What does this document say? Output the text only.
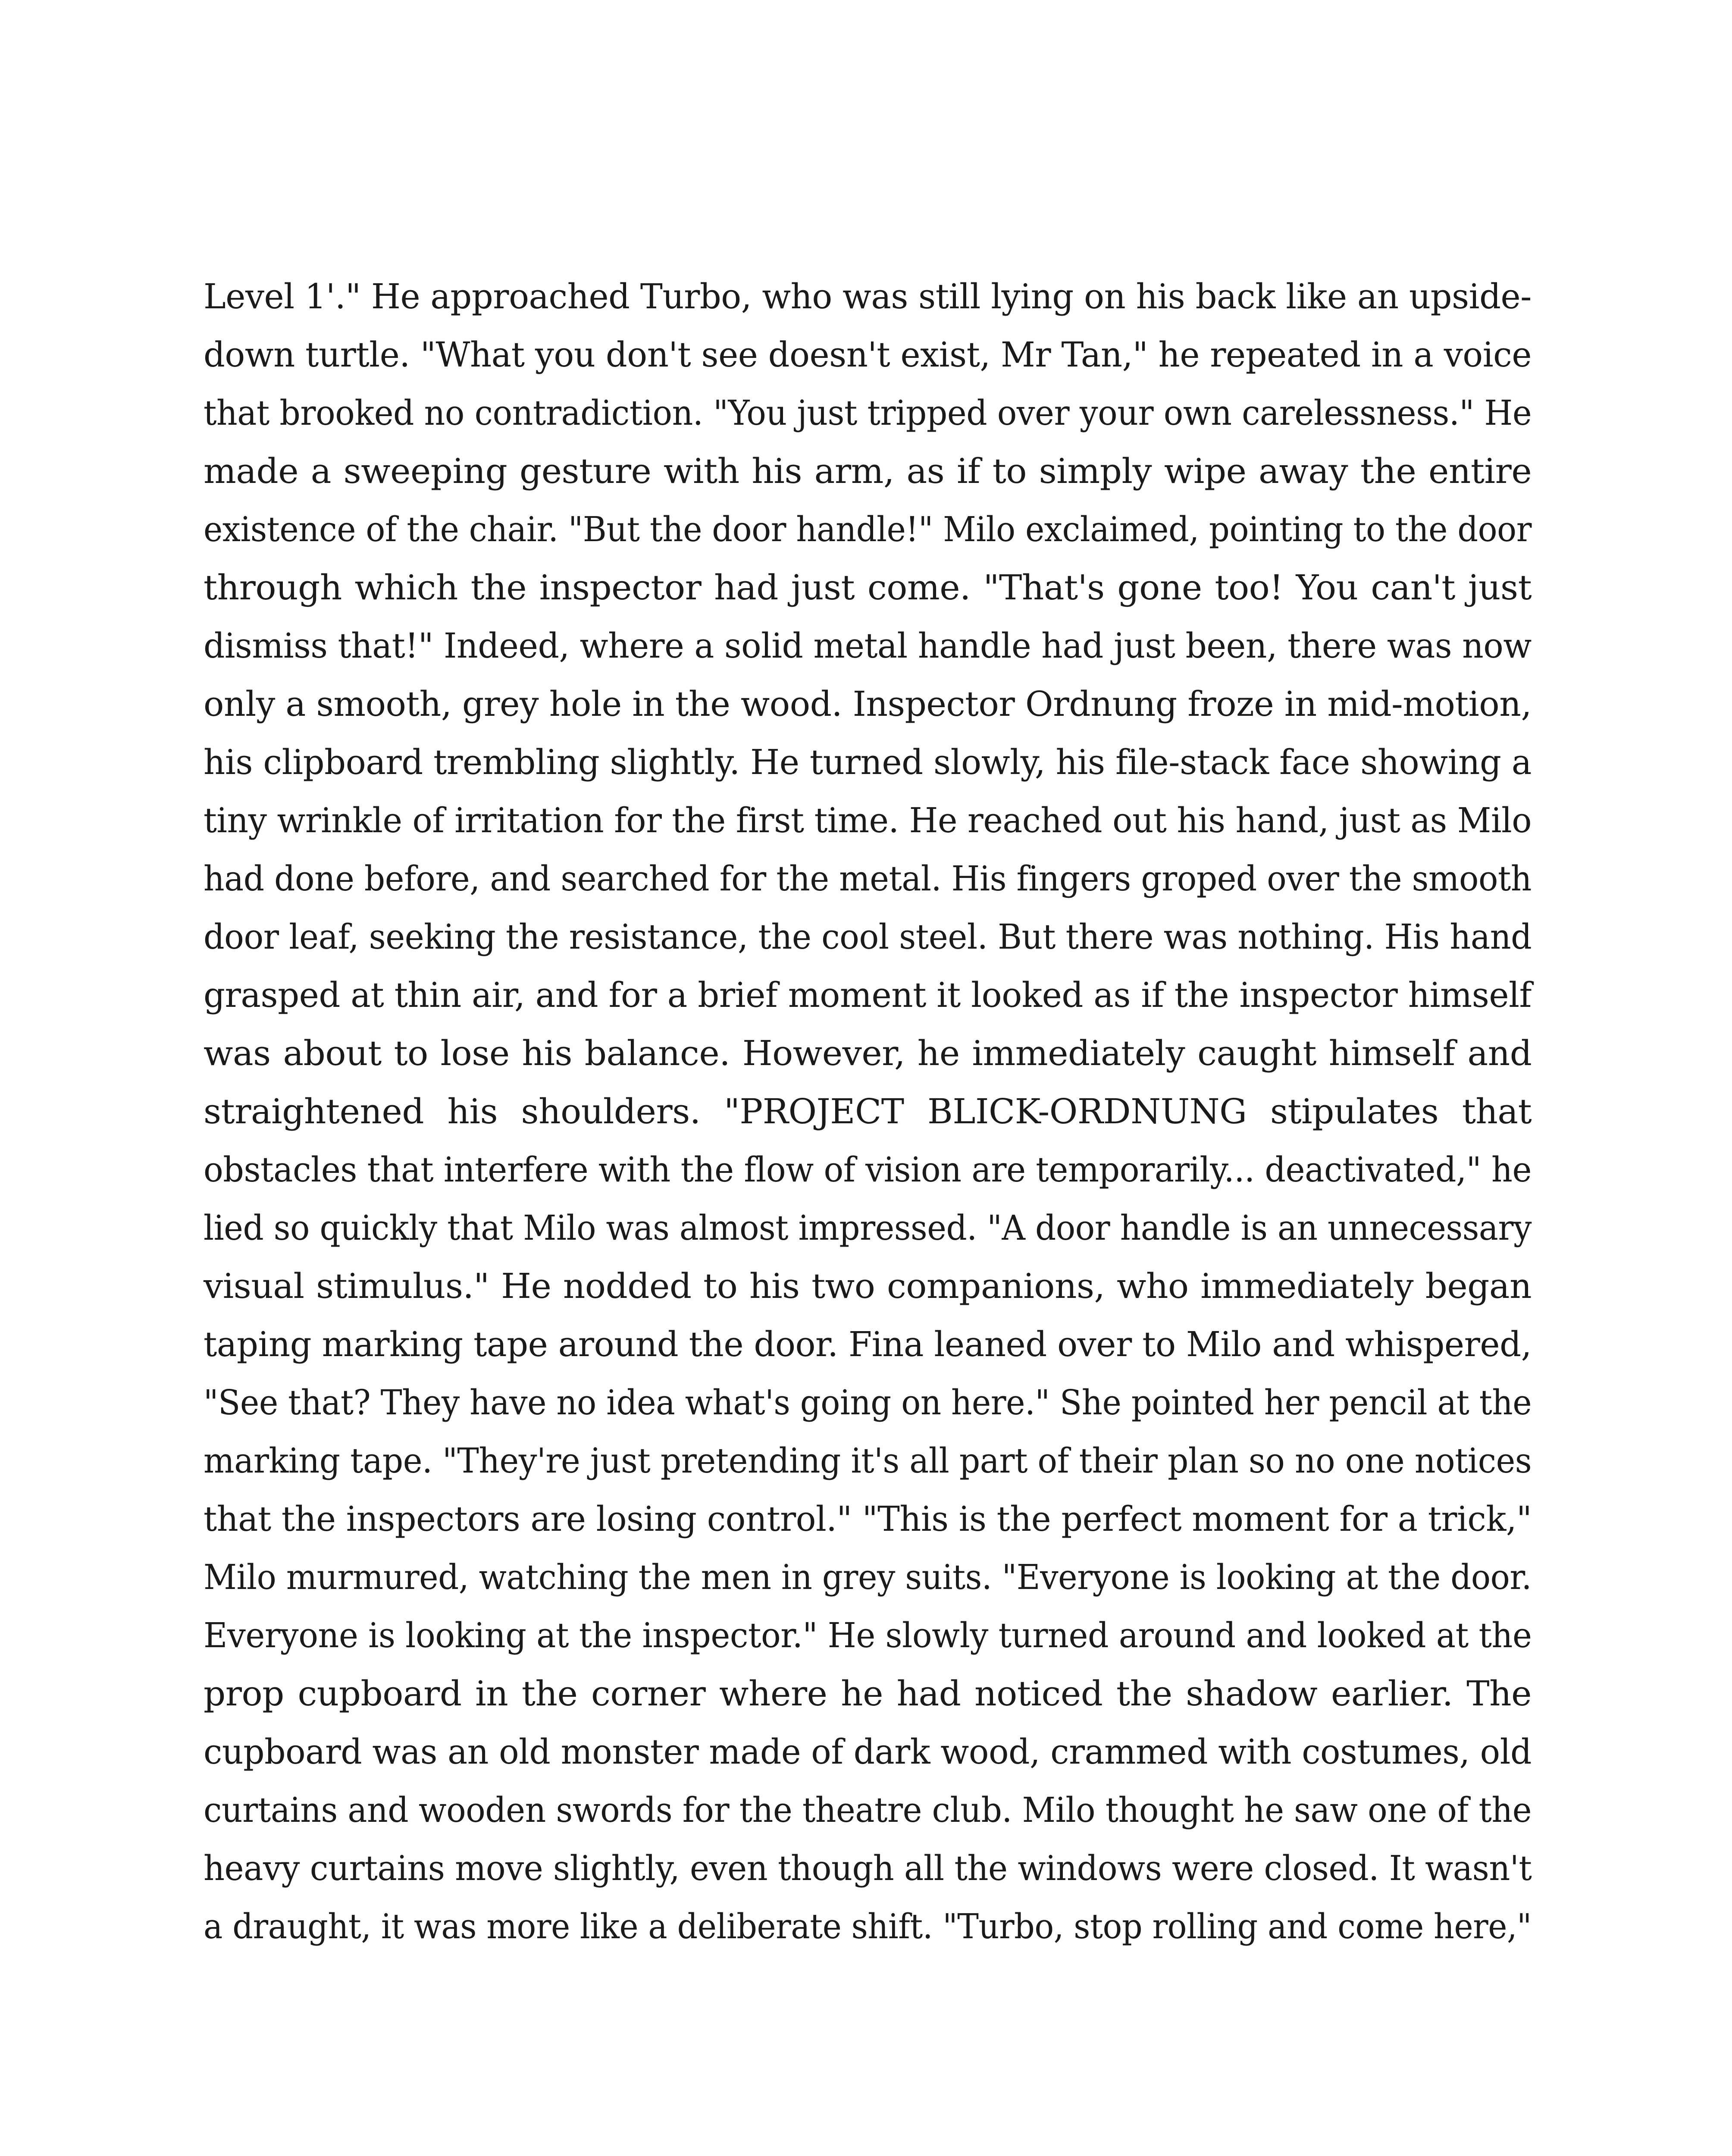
Level 1'." He approached Turbo, who was still lying on his back like an upside-
down turtle. "What you don't see doesn't exist, Mr Tan," he repeated in a voice
that brooked no contradiction. "You just tripped over your own carelessness." He
made a sweeping gesture with his arm, as if to simply wipe away the entire
existence of the chair. "But the door handle!" Milo exclaimed, pointing to the door
through which the inspector had just come. "That's gone too! You can't just
dismiss that!" Indeed, where a solid metal handle had just been, there was now
only a smooth, grey hole in the wood. Inspector Ordnung froze in mid-motion,
his clipboard trembling slightly. He turned slowly, his file-stack face showing a
tiny wrinkle of irritation for the first time. He reached out his hand, just as Milo
had done before, and searched for the metal. His fingers groped over the smooth
door leaf, seeking the resistance, the cool steel. But there was nothing. His hand
grasped at thin air, and for a brief moment it looked as if the inspector himself
was about to lose his balance. However, he immediately caught himself and
straightened his shoulders. "PROJECT BLICK-ORDNUNG stipulates that
obstacles that interfere with the flow of vision are temporarily... deactivated," he
lied so quickly that Milo was almost impressed. "A door handle is an unnecessary
visual stimulus." He nodded to his two companions, who immediately began
taping marking tape around the door. Fina leaned over to Milo and whispered,
"See that? They have no idea what's going on here." She pointed her pencil at the
marking tape. "They're just pretending it's all part of their plan so no one notices
that the inspectors are losing control." "This is the perfect moment for a trick,"
Milo murmured, watching the men in grey suits. "Everyone is looking at the door.
Everyone is looking at the inspector." He slowly turned around and looked at the
prop cupboard in the corner where he had noticed the shadow earlier. The
cupboard was an old monster made of dark wood, crammed with costumes, old
curtains and wooden swords for the theatre club. Milo thought he saw one of the
heavy curtains move slightly, even though all the windows were closed. It wasn't
a draught, it was more like a deliberate shift. "Turbo, stop rolling and come here,"
